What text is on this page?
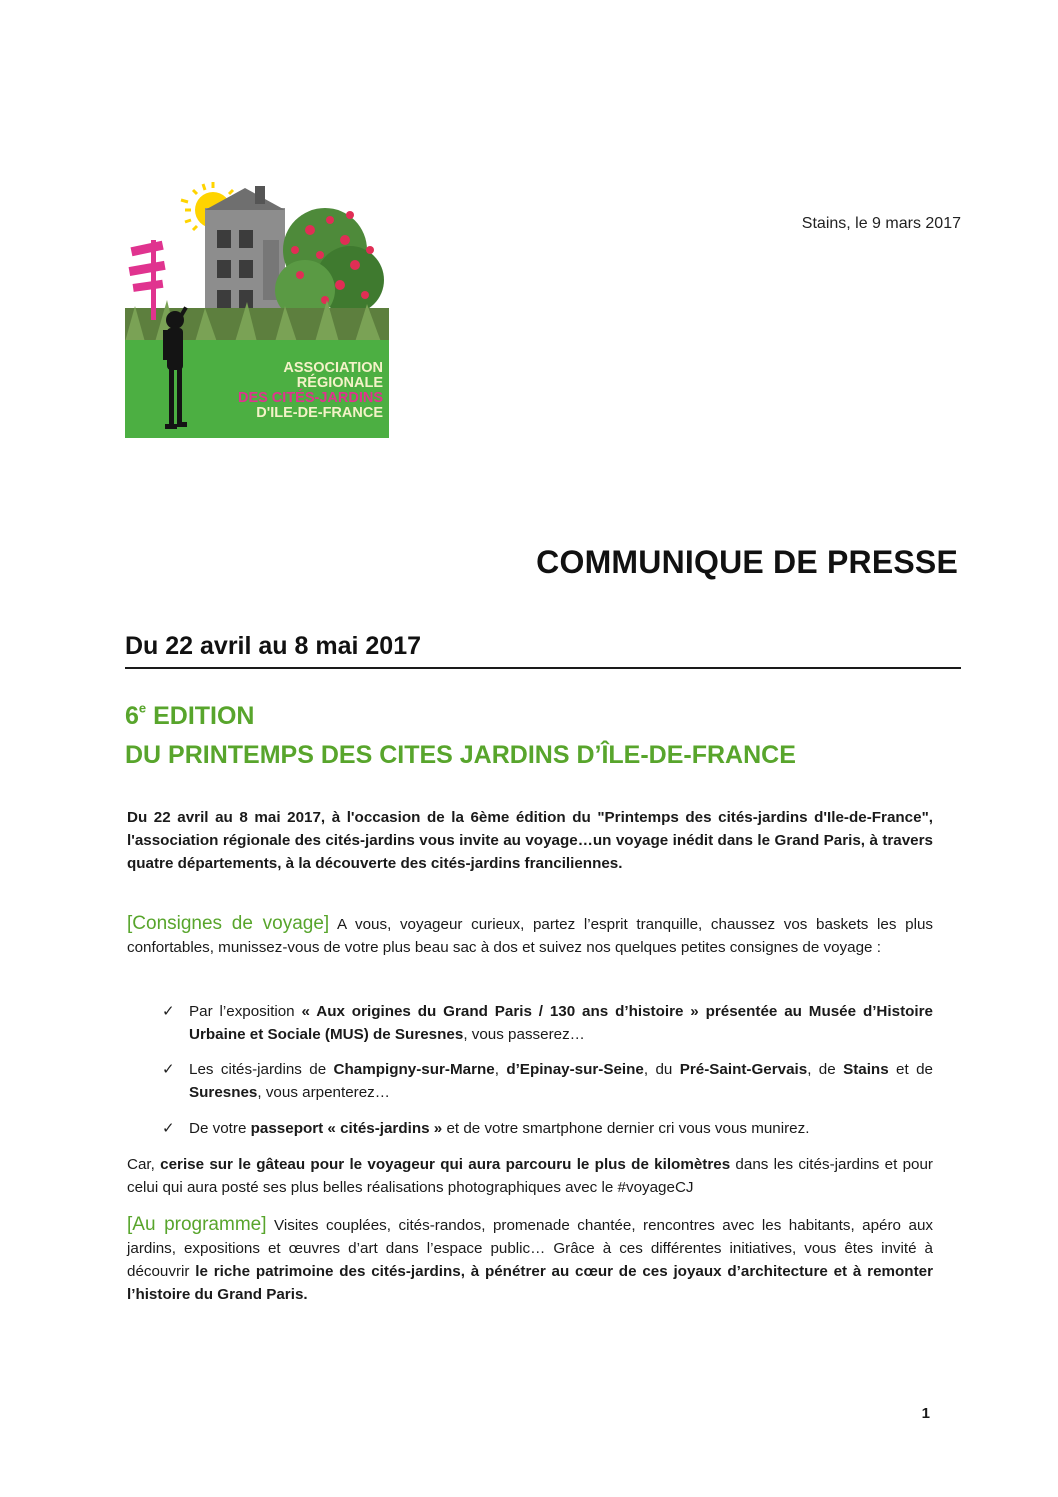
ASSOCIATION
RÉGIONALE
DES CITÉS-JARDINS
D'ILE-DE-FRANCE
Stains, le 9 mars 2017
COMMUNIQUE DE PRESSE
Du 22 avril au 8 mai 2017
6e EDITION
DU PRINTEMPS DES CITES JARDINS D’ÎLE-DE-FRANCE

Du 22 avril au 8 mai 2017, à l'occasion de la 6ème édition du "Printemps des cités-jardins d'Ile-de-France", l'association régionale des cités-jardins vous invite au voyage…un voyage inédit dans le Grand Paris, à travers quatre départements, à la découverte des cités-jardins franciliennes.

[Consignes de voyage] A vous, voyageur curieux, partez l’esprit tranquille, chaussez vos baskets les plus confortables, munissez-vous de votre plus beau sac à dos et suivez nos quelques petites consignes de voyage :

✓ Par l’exposition « Aux origines du Grand Paris / 130 ans d’histoire » présentée au Musée d’Histoire Urbaine et Sociale (MUS) de Suresnes, vous passerez…
✓ Les cités-jardins de Champigny-sur-Marne, d’Epinay-sur-Seine, du Pré-Saint-Gervais, de Stains et de Suresnes, vous arpenterez…
✓ De votre passeport « cités-jardins » et de votre smartphone dernier cri vous vous munirez.

Car, cerise sur le gâteau pour le voyageur qui aura parcouru le plus de kilomètres dans les cités-jardins et pour celui qui aura posté ses plus belles réalisations photographiques avec le #voyageCJ

[Au programme] Visites couplées, cités-randos, promenade chantée, rencontres avec les habitants, apéro aux jardins, expositions et œuvres d’art dans l’espace public… Grâce à ces différentes initiatives, vous êtes invité à découvrir le riche patrimoine des cités-jardins, à pénétrer au cœur de ces joyaux d’architecture et à remonter l’histoire du Grand Paris.

1
